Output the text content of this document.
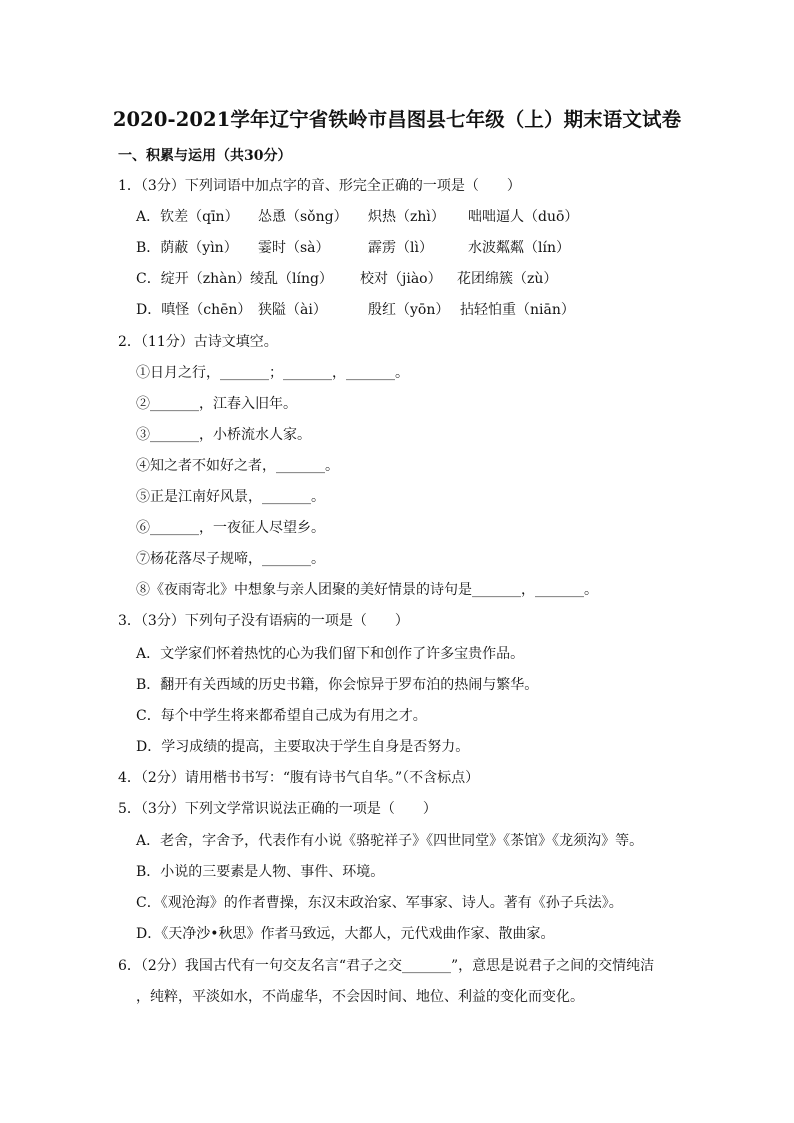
2020-2021学年辽宁省铁岭市昌图县七年级（上）期末语文试卷
一、积累与运用（共30分）
1．（3分）下列词语中加点字的音、形完全正确的一项是（　　）
A．钦差（qīn） 怂恿（sǒng） 炽热（zhì） 咄咄逼人（duō）
B．荫蔽（yìn） 霎时（sà）	霹雳（lì）	水波粼粼（lín）
C．绽开（zhàn）绫乱（líng） 校对（jiào） 花团绵簇（zù）
D．嗔怪（chēn） 狭隘（ài）	殷红（yōn） 拈轻怕重（niān）
2．（11分）古诗文填空。
①日月之行，_______；_______，_______。
②_______，江春入旧年。
③_______，小桥流水人家。
④知之者不如好之者，_______。
⑤正是江南好风景，_______。
⑥_______，一夜征人尽望乡。
⑦杨花落尽子规啼，_______。
⑧《夜雨寄北》中想象与亲人团聚的美好情景的诗句是_______，_______。
3．（3分）下列句子没有语病的一项是（　　）
A．文学家们怀着热忱的心为我们留下和创作了许多宝贵作品。
B．翻开有关西域的历史书籍，你会惊异于罗布泊的热闹与繁华。
C．每个中学生将来都希望自己成为有用之才。
D．学习成绩的提高，主要取决于学生自身是否努力。
4．（2分）请用楷书书写：“腹有诗书气自华。”（不含标点）
5．（3分）下列文学常识说法正确的一项是（　　）
A．老舍，字舍予，代表作有小说《骆驼祥子》《四世同堂》《茶馆》《龙须沟》等。
B．小说的三要素是人物、事件、环境。
C．《观沧海》的作者曹操，东汉末政治家、军事家、诗人。著有《孙子兵法》。
D．《天净沙•秋思》作者马致远，大都人，元代戏曲作家、散曲家。
6．（2分）我国古代有一句交友名言“君子之交_______”，意思是说君子之间的交情纯洁
，纯粹，平淡如水，不尚虚华，不会因时间、地位、利益的变化而变化。
